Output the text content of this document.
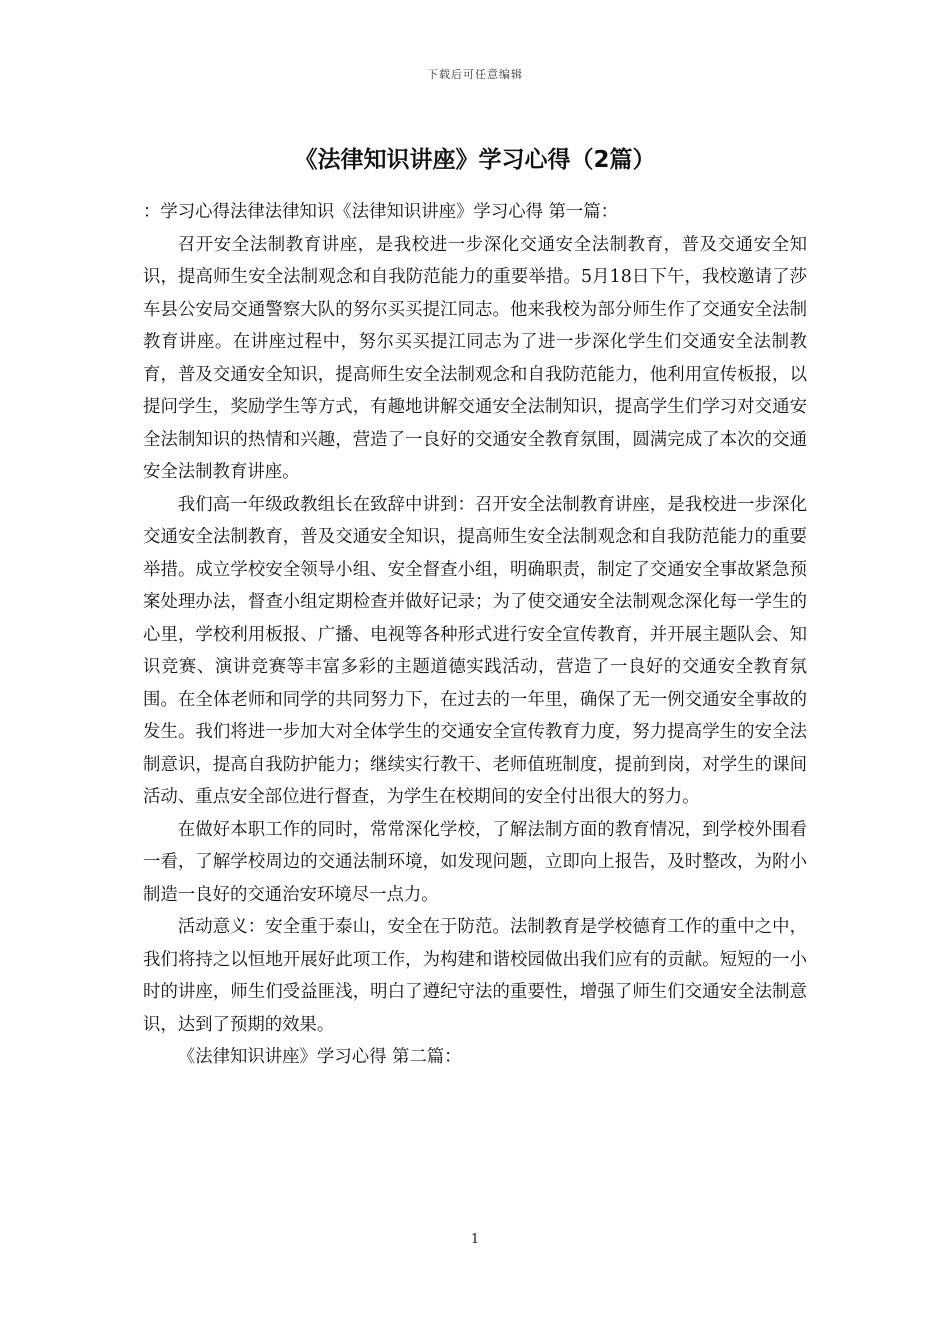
下载后可任意编辑
《法律知识讲座》学习心得（2篇）

：学习心得法律法律知识《法律知识讲座》学习心得 第一篇：

召开安全法制教育讲座，是我校进一步深化交通安全法制教育，普及交通安全知识，提高师生安全法制观念和自我防范能力的重要举措。5月18日下午，我校邀请了莎车县公安局交通警察大队的努尔买买提江同志。他来我校为部分师生作了交通安全法制教育讲座。在讲座过程中，努尔买买提江同志为了进一步深化学生们交通安全法制教育，普及交通安全知识，提高师生安全法制观念和自我防范能力，他利用宣传板报，以提问学生，奖励学生等方式，有趣地讲解交通安全法制知识，提高学生们学习对交通安全法制知识的热情和兴趣，营造了一良好的交通安全教育氛围，圆满完成了本次的交通安全法制教育讲座。

我们高一年级政教组长在致辞中讲到：召开安全法制教育讲座，是我校进一步深化交通安全法制教育，普及交通安全知识，提高师生安全法制观念和自我防范能力的重要举措。成立学校安全领导小组、安全督查小组，明确职责，制定了交通安全事故紧急预案处理办法，督查小组定期检查并做好记录；为了使交通安全法制观念深化每一学生的心里，学校利用板报、广播、电视等各种形式进行安全宣传教育，并开展主题队会、知识竞赛、演讲竞赛等丰富多彩的主题道德实践活动，营造了一良好的交通安全教育氛围。在全体老师和同学的共同努力下，在过去的一年里，确保了无一例交通安全事故的发生。我们将进一步加大对全体学生的交通安全宣传教育力度，努力提高学生的安全法制意识，提高自我防护能力；继续实行教干、老师值班制度，提前到岗，对学生的课间活动、重点安全部位进行督查，为学生在校期间的安全付出很大的努力。

在做好本职工作的同时，常常深化学校，了解法制方面的教育情况，到学校外围看一看，了解学校周边的交通法制环境，如发现问题，立即向上报告，及时整改，为附小制造一良好的交通治安环境尽一点力。

活动意义：安全重于泰山，安全在于防范。法制教育是学校德育工作的重中之中，我们将持之以恒地开展好此项工作，为构建和谐校园做出我们应有的贡献。短短的一小时的讲座，师生们受益匪浅，明白了遵纪守法的重要性，增强了师生们交通安全法制意识，达到了预期的效果。

《法律知识讲座》学习心得 第二篇：

1
